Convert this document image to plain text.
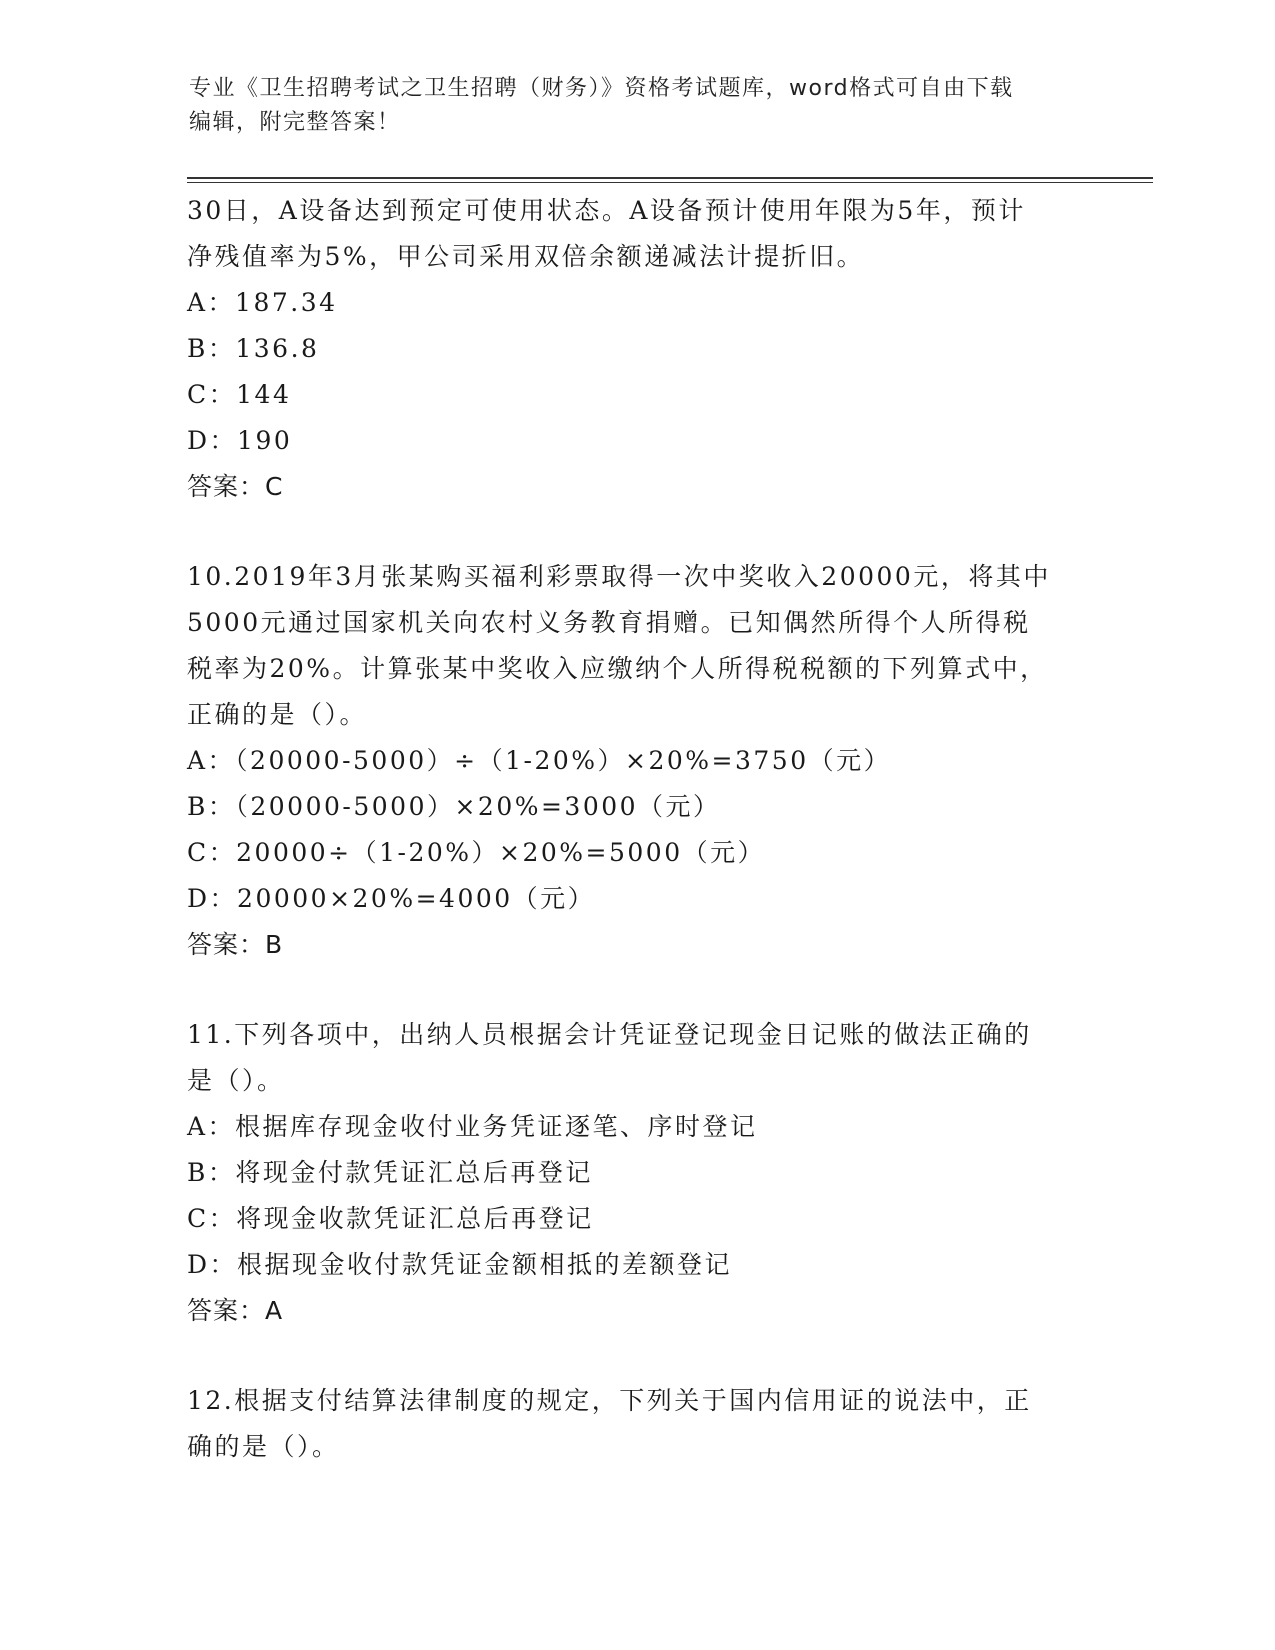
专业《卫生招聘考试之卫生招聘（财务）》资格考试题库，word格式可自由下载
编辑，附完整答案！

30日，A设备达到预定可使用状态。A设备预计使用年限为5年，预计

净残值率为5%，甲公司采用双倍余额递减法计提折旧。

A：187.34

B：136.8

C：144

D：190

答案：C

10.2019年3月张某购买福利彩票取得一次中奖收入20000元，将其中

5000元通过国家机关向农村义务教育捐赠。已知偶然所得个人所得税

税率为20%。计算张某中奖收入应缴纳个人所得税税额的下列算式中，

正确的是（）。

A：（20000-5000）÷（1-20%）×20%=3750（元）

B：（20000-5000）×20%=3000（元）

C：20000÷（1-20%）×20%=5000（元）

D：20000×20%=4000（元）

答案：B

11.下列各项中，出纳人员根据会计凭证登记现金日记账的做法正确的

是（）。

A：根据库存现金收付业务凭证逐笔、序时登记

B：将现金付款凭证汇总后再登记

C：将现金收款凭证汇总后再登记

D：根据现金收付款凭证金额相抵的差额登记

答案：A

12.根据支付结算法律制度的规定，下列关于国内信用证的说法中，正

确的是（）。
